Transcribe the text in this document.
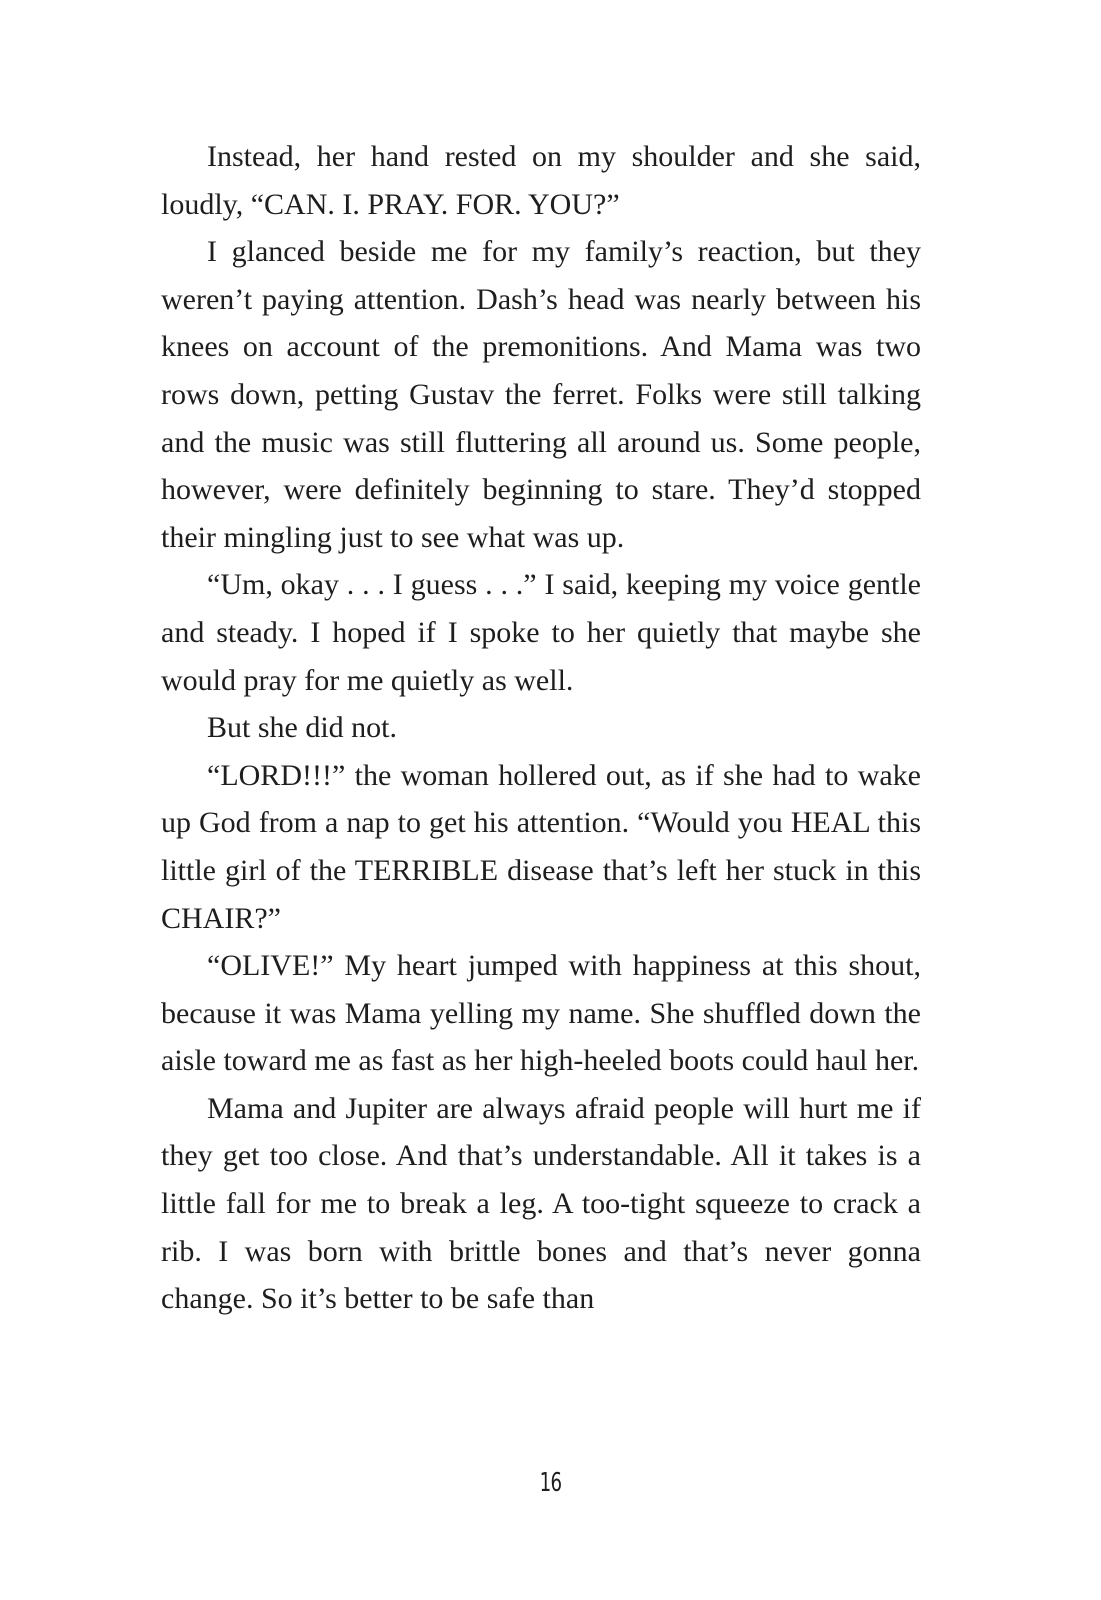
Instead, her hand rested on my shoulder and she said, loudly, “CAN. I. PRAY. FOR. YOU?”

I glanced beside me for my family’s reaction, but they weren’t paying attention. Dash’s head was nearly between his knees on account of the premonitions. And Mama was two rows down, petting Gustav the ferret. Folks were still talking and the music was still fluttering all around us. Some people, however, were definitely beginning to stare. They’d stopped their mingling just to see what was up.

“Um, okay . . . I guess . . .” I said, keeping my voice gentle and steady. I hoped if I spoke to her quietly that maybe she would pray for me quietly as well.

But she did not.

“LORD!!!” the woman hollered out, as if she had to wake up God from a nap to get his attention. “Would you HEAL this little girl of the TERRIBLE disease that’s left her stuck in this CHAIR?”

“OLIVE!” My heart jumped with happiness at this shout, because it was Mama yelling my name. She shuffled down the aisle toward me as fast as her high-heeled boots could haul her.

Mama and Jupiter are always afraid people will hurt me if they get too close. And that’s understandable. All it takes is a little fall for me to break a leg. A too-tight squeeze to crack a rib. I was born with brittle bones and that’s never gonna change. So it’s better to be safe than

16
